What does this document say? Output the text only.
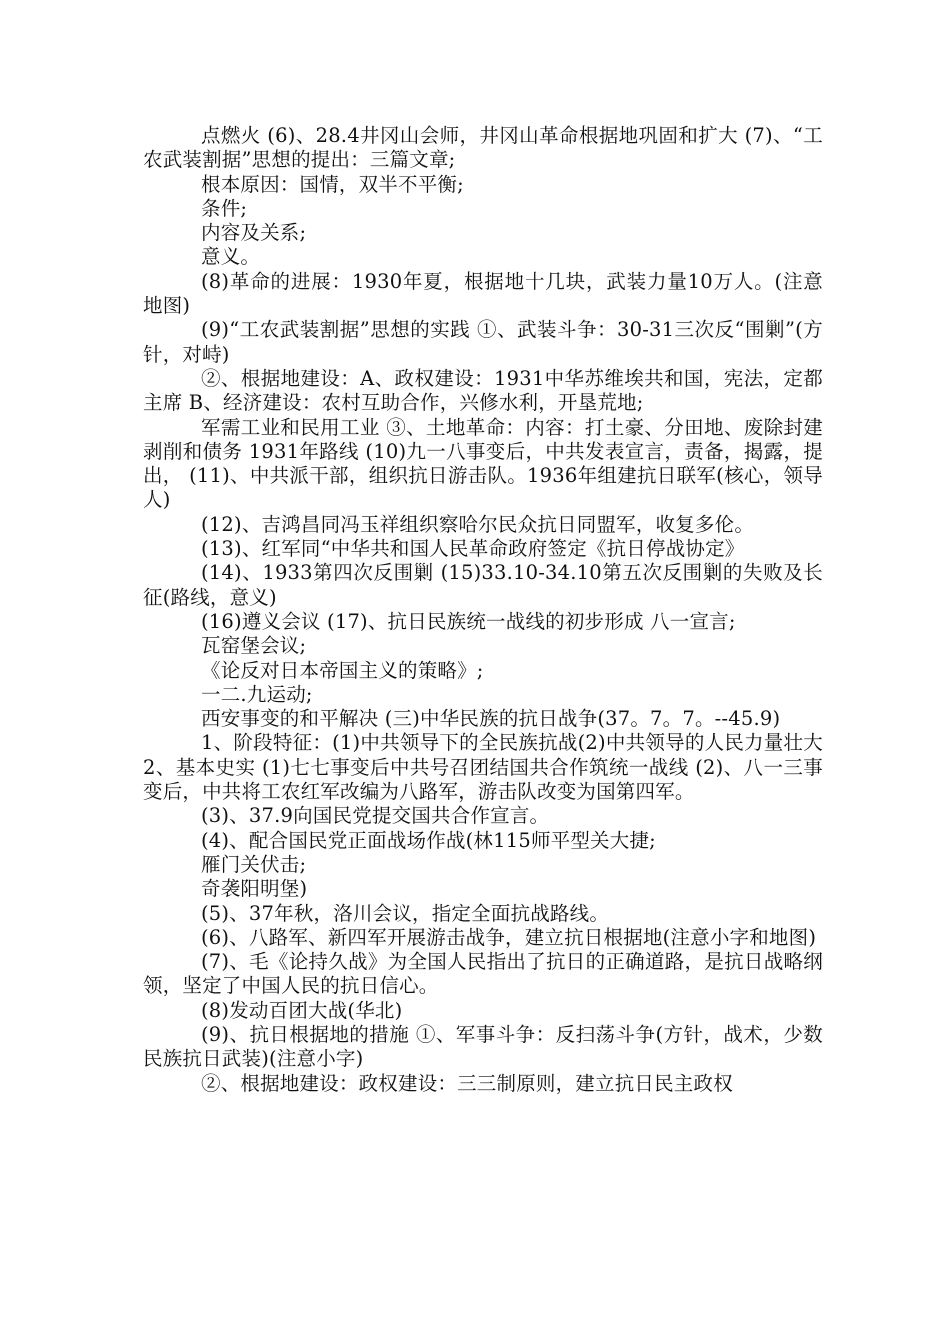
点燃火 (6)、28.4井冈山会师，井冈山革命根据地巩固和扩大 (7)、“工农武装割据”思想的提出：三篇文章;

根本原因：国情，双半不平衡;

条件;

内容及关系;

意义。

(8)革命的进展：1930年夏，根据地十几块，武装力量10万人。(注意地图)

(9)“工农武装割据”思想的实践 ①、武装斗争：30-31三次反“围剿”(方针，对峙)

②、根据地建设：A、政权建设：1931中华苏维埃共和国，宪法，定都主席 B、经济建设：农村互助合作，兴修水利，开垦荒地;

军需工业和民用工业 ③、土地革命：内容：打土豪、分田地、废除封建剥削和债务 1931年路线 (10)九一八事变后，中共发表宣言，责备，揭露，提出， (11)、中共派干部，组织抗日游击队。1936年组建抗日联军(核心，领导人)

(12)、吉鸿昌同冯玉祥组织察哈尔民众抗日同盟军，收复多伦。

(13)、红军同“中华共和国人民革命政府签定《抗日停战协定》

(14)、1933第四次反围剿 (15)33.10-34.10第五次反围剿的失败及长征(路线，意义)

(16)遵义会议 (17)、抗日民族统一战线的初步形成 八一宣言;

瓦窑堡会议;

《论反对日本帝国主义的策略》;

一二.九运动;

西安事变的和平解决 (三)中华民族的抗日战争(37。7。7。--45.9)

1、阶段特征：(1)中共领导下的全民族抗战(2)中共领导的人民力量壮大 2、基本史实 (1)七七事变后中共号召团结国共合作筑统一战线 (2)、八一三事变后，中共将工农红军改编为八路军，游击队改变为国第四军。

(3)、37.9向国民党提交国共合作宣言。

(4)、配合国民党正面战场作战(林115师平型关大捷;

雁门关伏击;

奇袭阳明堡)

(5)、37年秋，洛川会议，指定全面抗战路线。

(6)、八路军、新四军开展游击战争，建立抗日根据地(注意小字和地图)

(7)、毛《论持久战》为全国人民指出了抗日的正确道路，是抗日战略纲领，坚定了中国人民的抗日信心。

(8)发动百团大战(华北)

(9)、抗日根据地的措施 ①、军事斗争：反扫荡斗争(方针，战术，少数民族抗日武装)(注意小字)

②、根据地建设：政权建设：三三制原则，建立抗日民主政权
